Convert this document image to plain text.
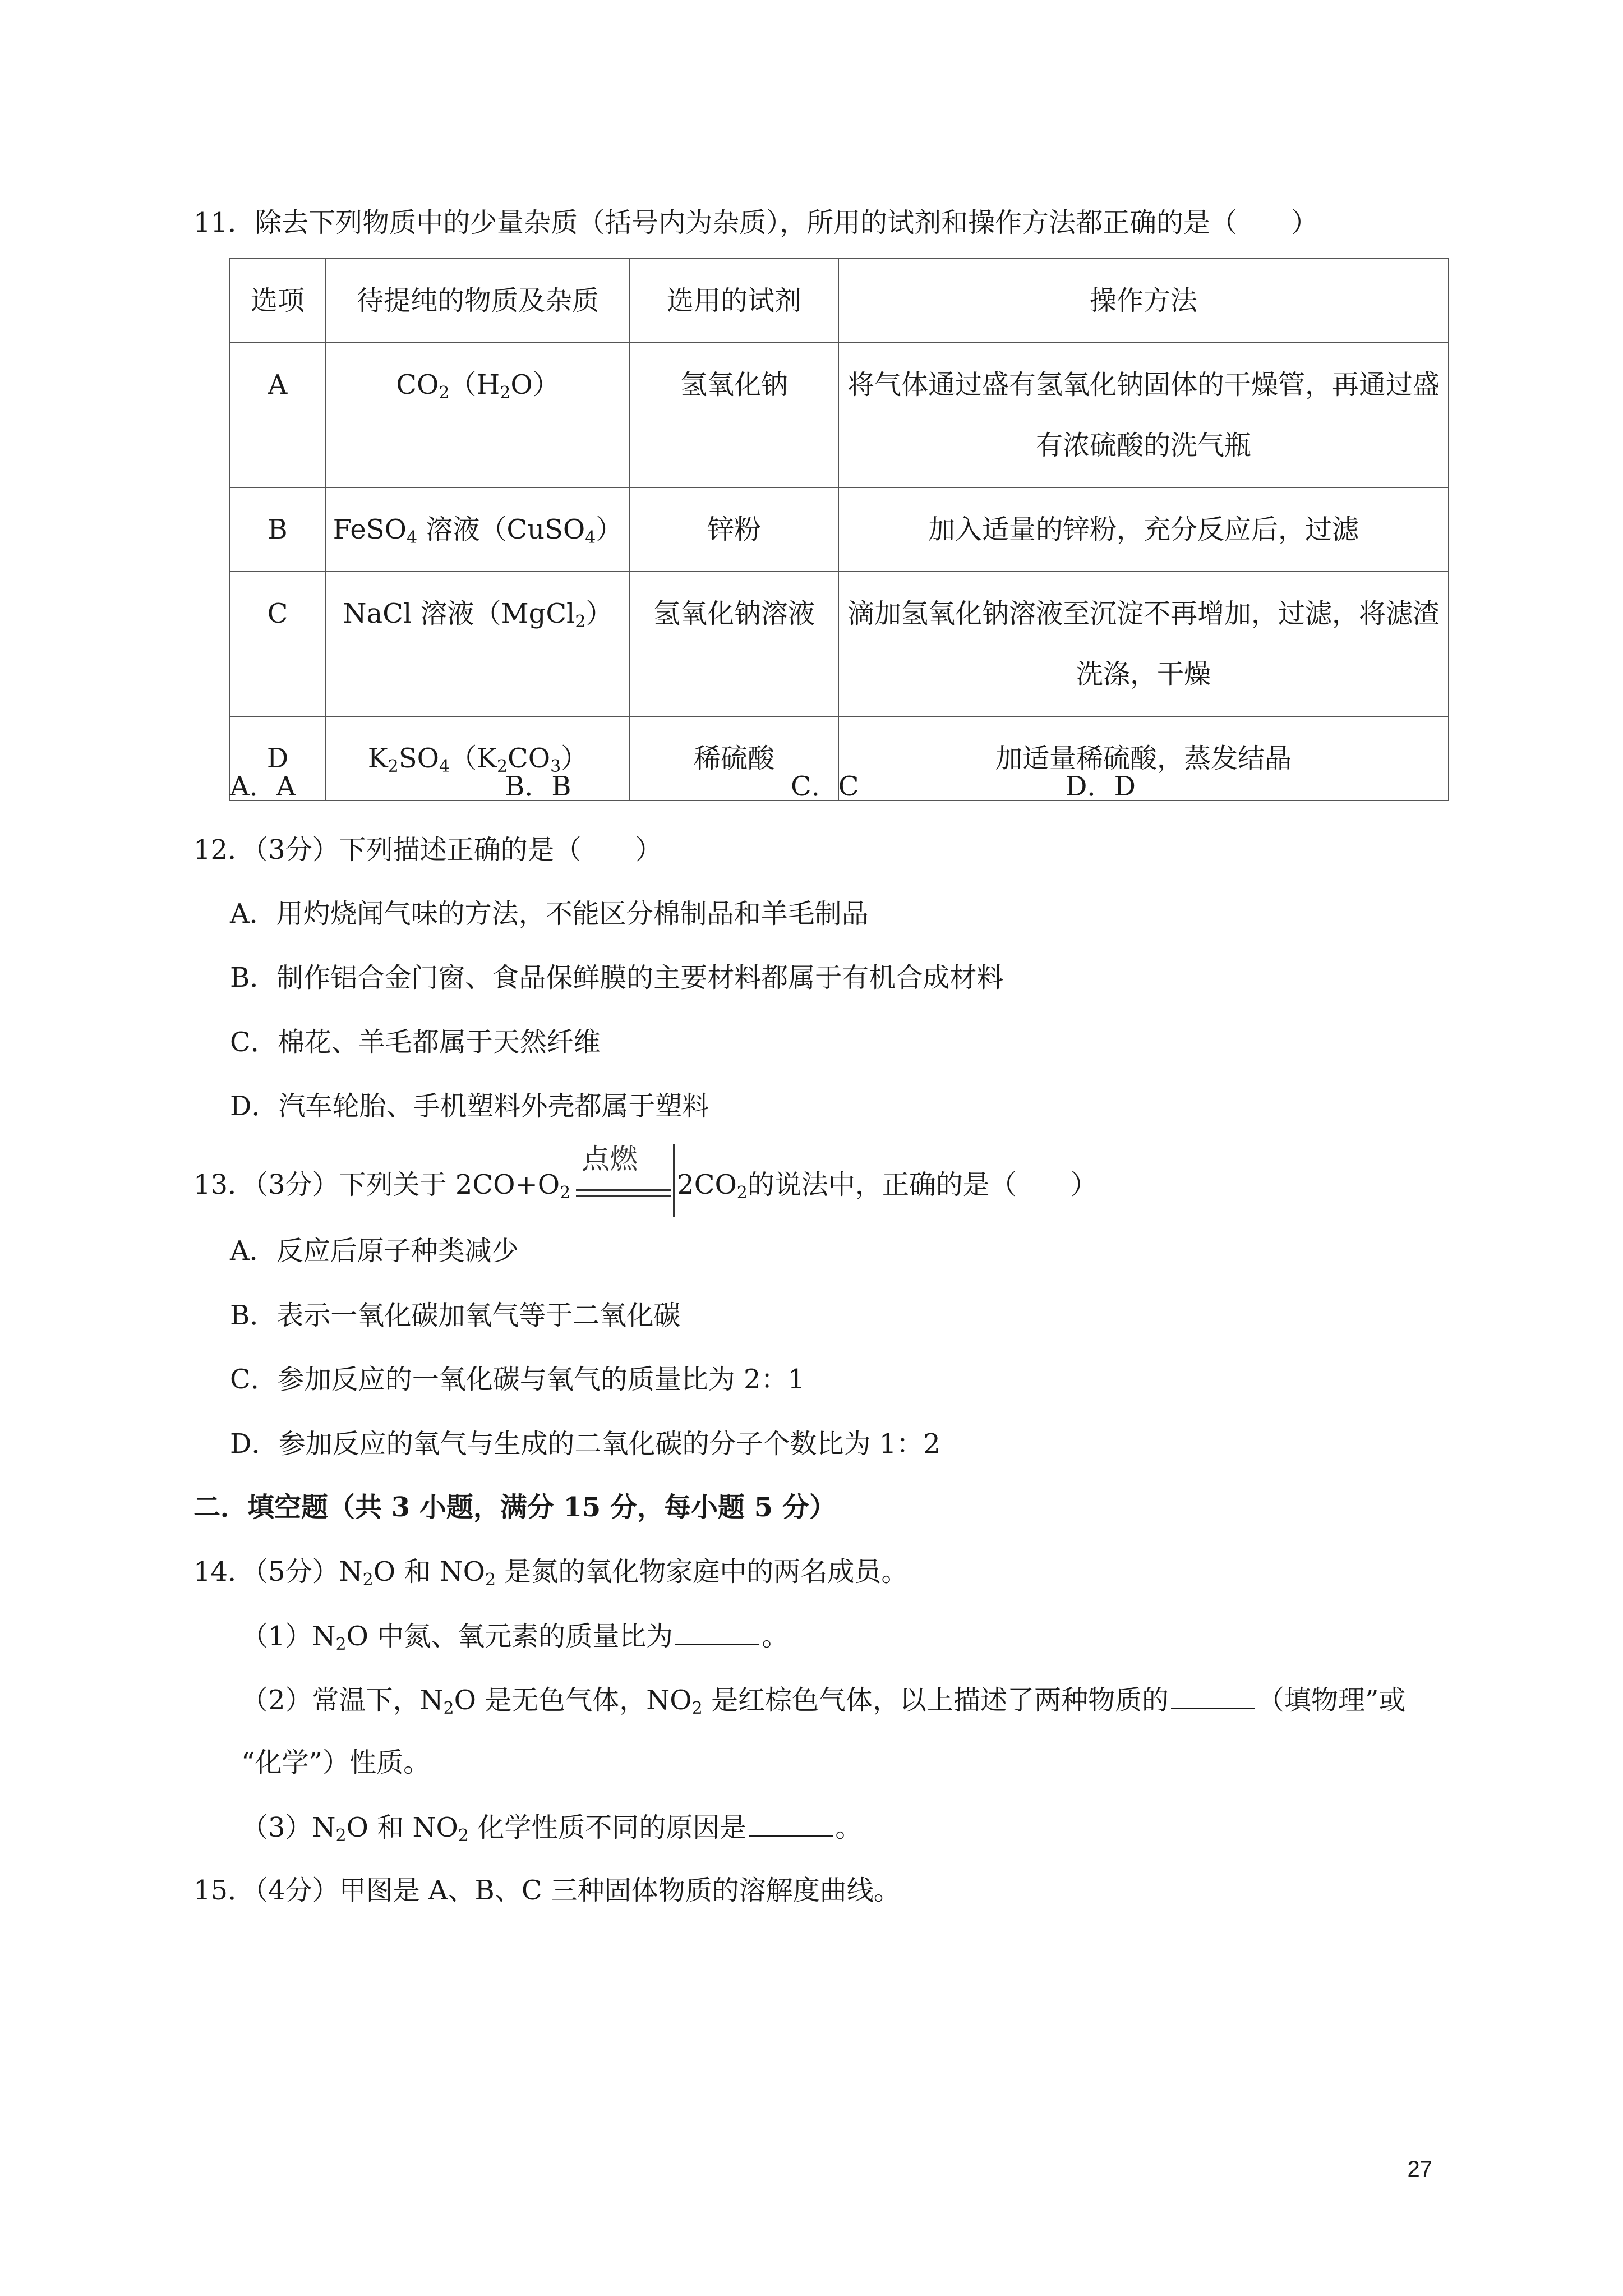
11．除去下列物质中的少量杂质（括号内为杂质），所用的试剂和操作方法都正确的是（　　）
选项	待提纯的物质及杂质	选用的试剂	操作方法
A	$CO_2(H_2O)$	氢氧化钠	将气体通过盛有氢氧化钠固体的干燥管，再通过盛有浓硫酸的洗气瓶
B	FeSO$_4$ 溶液（CuSO$_4$）	锌粉	加入适量的锌粉，充分反应后，过滤
C	NaCl 溶液（MgCl$_2$）	氢氧化钠溶液	滴加氢氧化钠溶液至沉淀不再增加，过滤，将滤渣洗涤，干燥
D	$K_2SO_4(K_2CO_3)$	稀硫酸	加适量稀硫酸，蒸发结晶
A．A	B．B	C．C	D．D
12．（3分）下列描述正确的是（　　）
A．用灼烧闻气味的方法，不能区分棉制品和羊毛制品
B．制作铝合金门窗、食品保鲜膜的主要材料都属于有机合成材料
C．棉花、羊毛都属于天然纤维
D．汽车轮胎、手机塑料外壳都属于塑料
13．（3分）下列关于 $2CO+O_2$
点燃
$2CO_2$的说法中，正确的是（　　）
A．反应后原子种类减少
B．表示一氧化碳加氧气等于二氧化碳
C．参加反应的一氧化碳与氧气的质量比为 2：1
D．参加反应的氧气与生成的二氧化碳的分子个数比为 1：2
二．填空题（共 3 小题，满分 15 分，每小题 5 分）
14．（5分）$N_2O$ 和 $NO_2$ 是氮的氧化物家庭中的两名成员。
$(1)N_2O$ 中氮、氧元素的质量比为	。
（2）常温下，$N_2O$ 是无色气体，$NO_2$ 是红棕色气体，以上描述了两种物质的	（填物理”或
“化学”）性质。
$(3)N_2O$ 和 $NO_2$ 化学性质不同的原因是	。
15．（4分）甲图是 A、B、C 三种固体物质的溶解度曲线。
27
